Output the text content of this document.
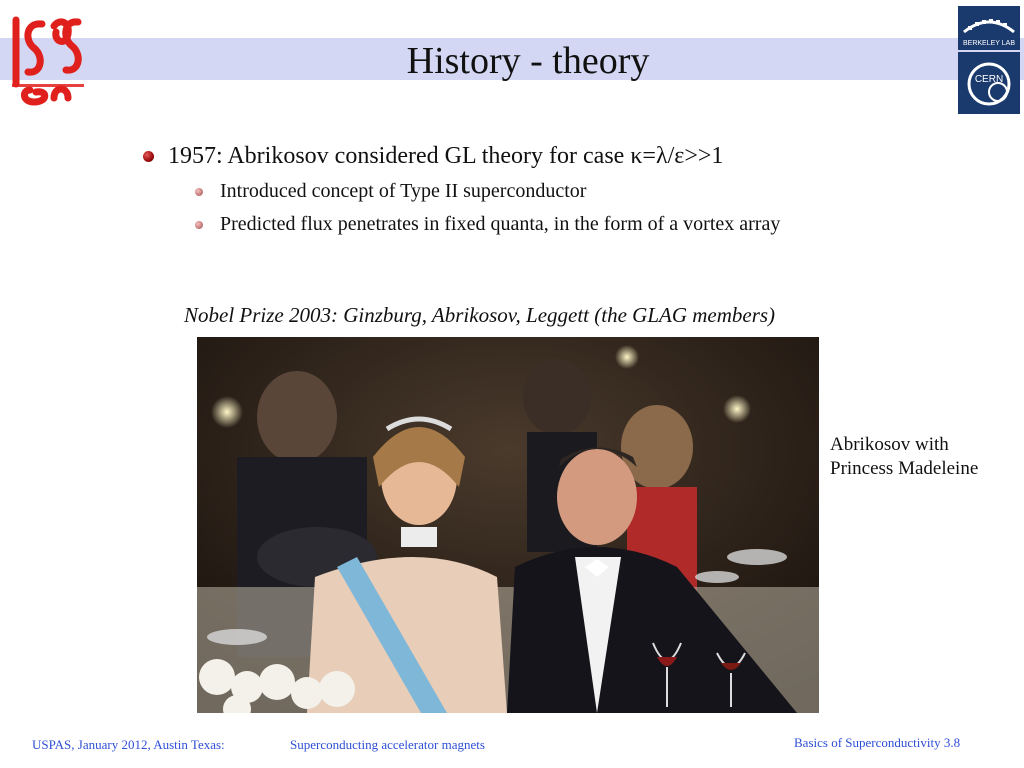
History - theory	BERKELEY LAB
CERN
1957: Abrikosov considered GL theory for case κ=λ/ε>>1
Introduced concept of Type II superconductor
Predicted flux penetrates in fixed quanta, in the form of a vortex array
Nobel Prize 2003: Ginzburg, Abrikosov, Leggett (the GLAG members)
Abrikosov with
Princess Madeleine
USPAS, January 2012, Austin Texas:	Superconducting accelerator magnets	Basics of Superconductivity 3.8
